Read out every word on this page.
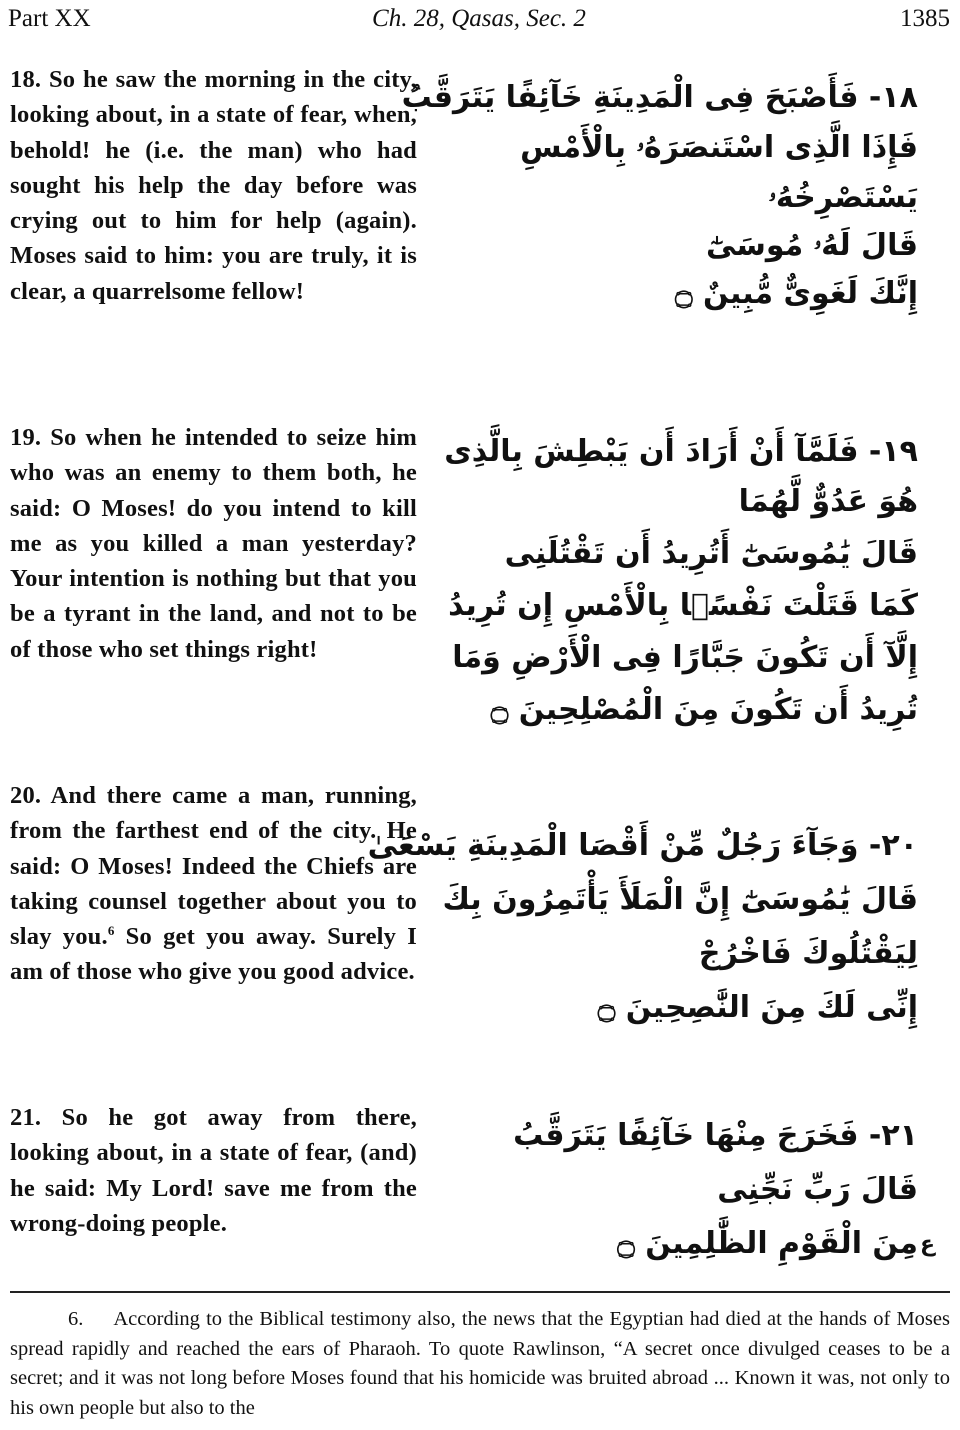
Part XX	Ch. 28, Qasas, Sec. 2	1385
18. So he saw the morning in the city, looking about, in a state of fear, when, behold! he (i.e. the man) who had sought his help the day before was crying out to him for help (again). Moses said to him: you are truly, it is clear, a quarrelsome fellow!
١٨- فَأَصْبَحَ فِى الْمَدِينَةِ خَآئِفًا يَتَرَقَّبُ
فَإِذَا الَّذِى اسْتَنصَرَهُۥ بِالْأَمْسِ
يَسْتَصْرِخُهُۥ
قَالَ لَهُۥ مُوسَىٰٓ
إِنَّكَ لَغَوِىٌّ مُّبِينٌ ۝
19. So when he intended to seize him who was an enemy to them both, he said: O Moses! do you intend to kill me as you killed a man yesterday? Your intention is nothing but that you be a tyrant in the land, and not to be of those who set things right!
١٩- فَلَمَّآ أَنْ أَرَادَ أَن يَبْطِشَ بِالَّذِى
هُوَ عَدُوٌّ لَّهُمَا
قَالَ يَٰمُوسَىٰٓ أَتُرِيدُ أَن تَقْتُلَنِى
كَمَا قَتَلْتَ نَفْسًۢا بِالْأَمْسِ إِن تُرِيدُ
إِلَّآ أَن تَكُونَ جَبَّارًا فِى الْأَرْضِ وَمَا
تُرِيدُ أَن تَكُونَ مِنَ الْمُصْلِحِينَ ۝
20. And there came a man, running, from the farthest end of the city. He said: O Moses! Indeed the Chiefs are taking counsel together about you to slay you.$^6$ So get you away. Surely I am of those who give you good advice.
٢٠- وَجَآءَ رَجُلٌ مِّنْ أَقْصَا الْمَدِينَةِ يَسْعَىٰ
قَالَ يَٰمُوسَىٰٓ إِنَّ الْمَلَأَ يَأْتَمِرُونَ بِكَ
لِيَقْتُلُوكَ فَاخْرُجْ
إِنِّى لَكَ مِنَ النَّٰصِحِينَ ۝
21. So he got away from there, looking about, in a state of fear, (and) he said: My Lord! save me from the wrong-doing people.
٢١- فَخَرَجَ مِنْهَا خَآئِفًا يَتَرَقَّبُ
قَالَ رَبِّ نَجِّنِى
مِنَ الْقَوْمِ الظَّٰلِمِينَ ۝ ع
6. According to the Biblical testimony also, the news that the Egyptian had died at the hands of Moses spread rapidly and reached the ears of Pharaoh. To quote Rawlinson, “A secret once divulged ceases to be a secret; and it was not long before Moses found that his homicide was bruited abroad ... Known it was, not only to his own people but also to the
